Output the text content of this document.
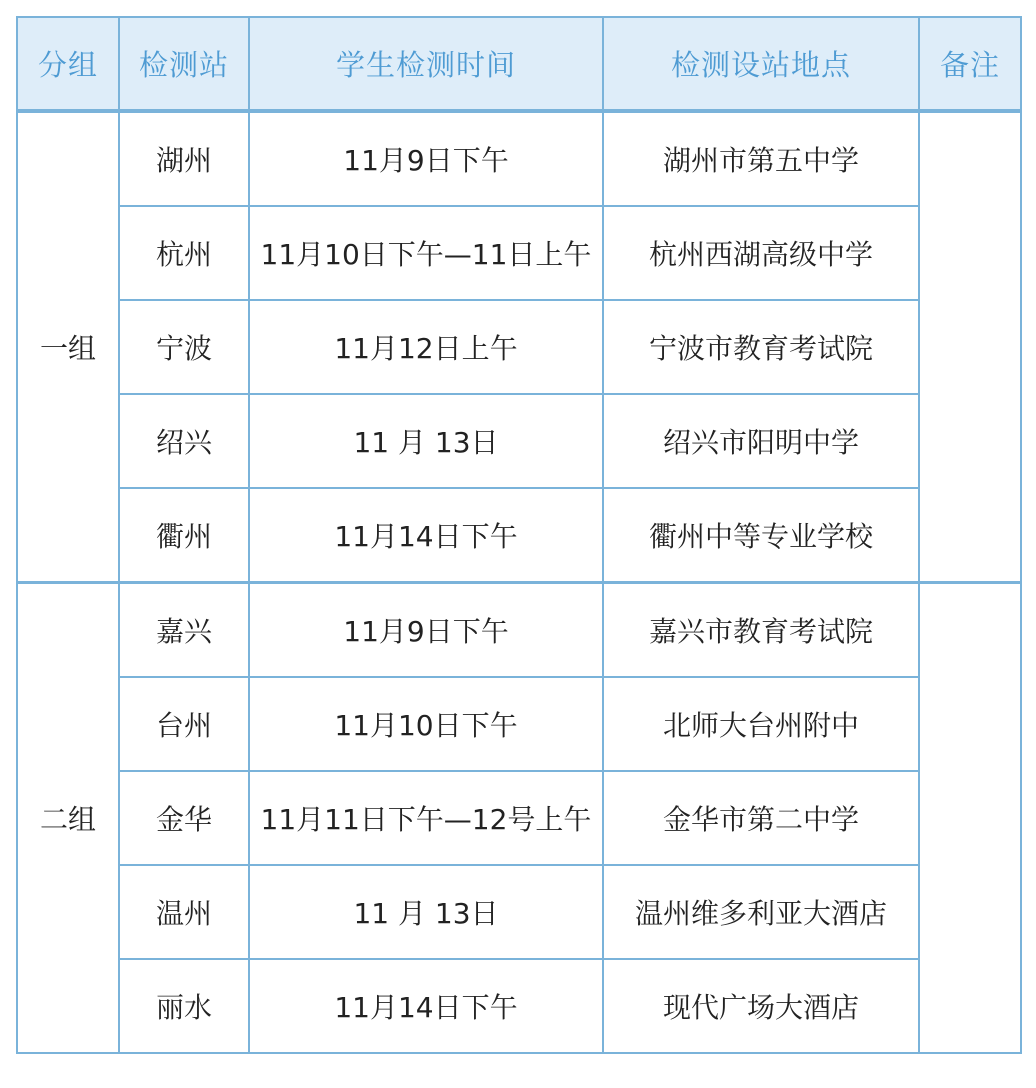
分组	检测站	学生检测时间	检测设站地点	备注
一组	湖州	11月9日下午	湖州市第五中学	
	杭州	11月10日下午—11日上午	杭州西湖高级中学	
	宁波	11月12日上午	宁波市教育考试院	
	绍兴	11 月 13日	绍兴市阳明中学	
	衢州	11月14日下午	衢州中等专业学校	
二组	嘉兴	11月9日下午	嘉兴市教育考试院	
	台州	11月10日下午	北师大台州附中	
	金华	11月11日下午—12号上午	金华市第二中学	
	温州	11 月 13日	温州维多利亚大酒店	
	丽水	11月14日下午	现代广场大酒店	
